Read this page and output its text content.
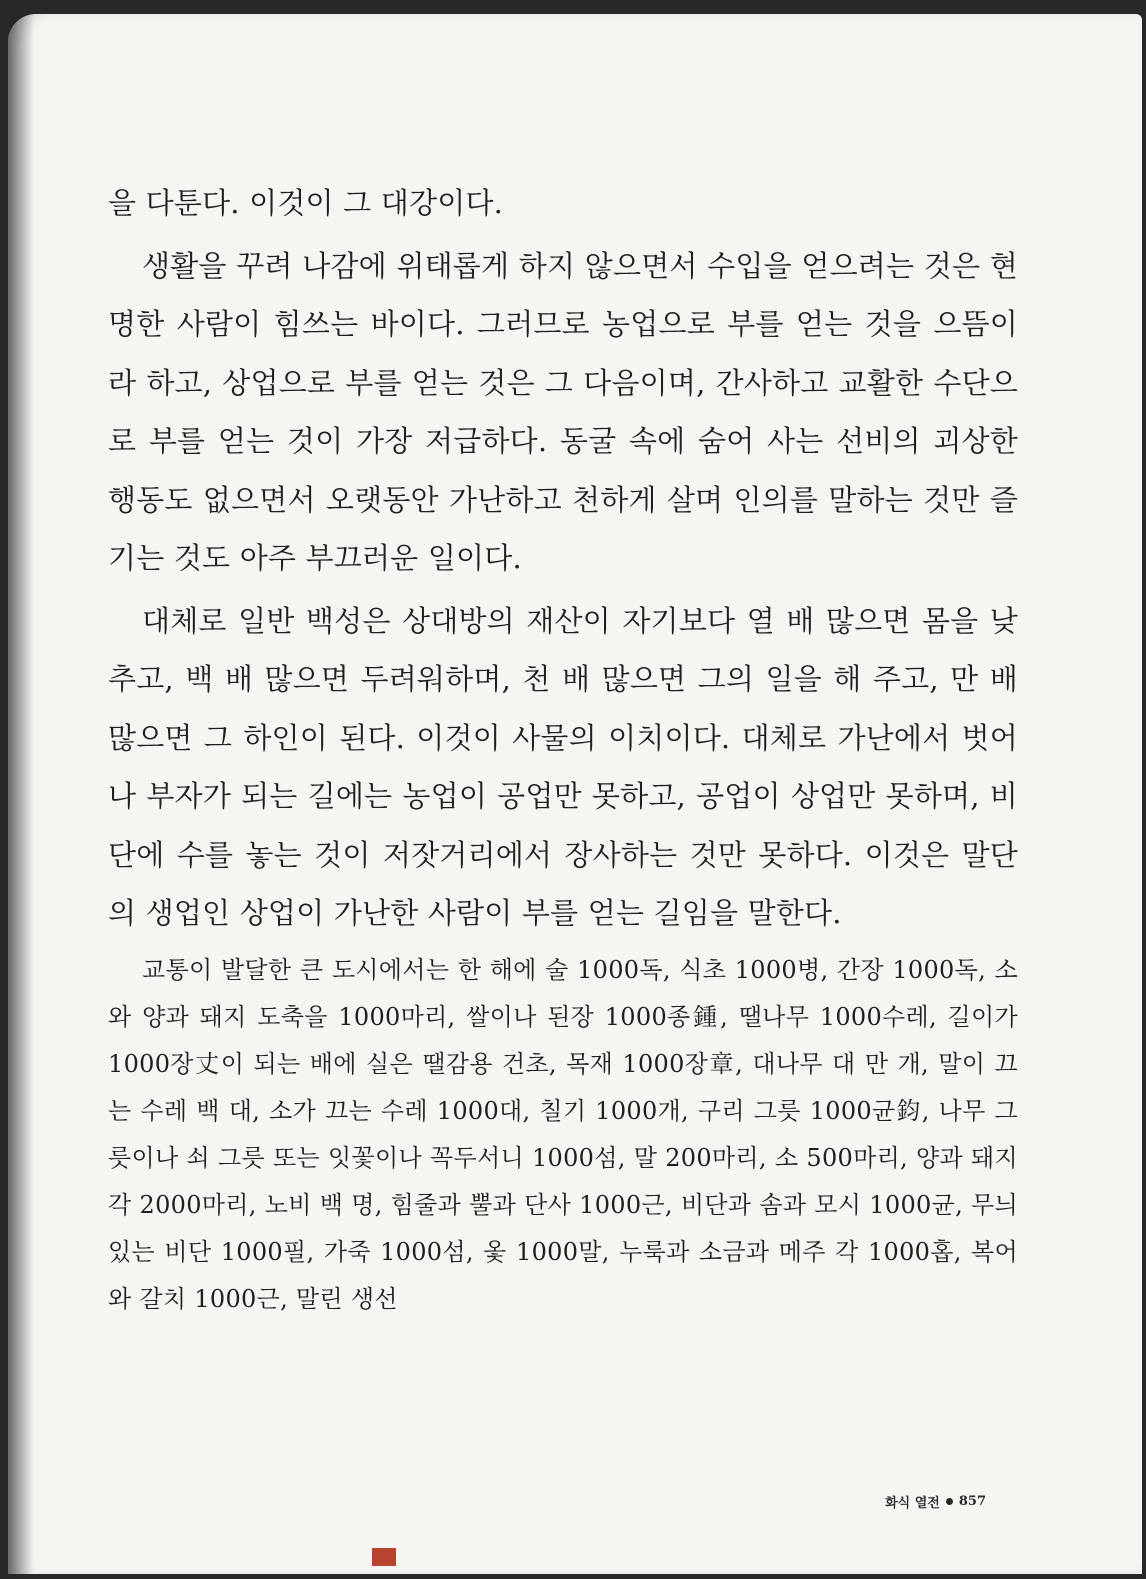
을 다툰다. 이것이 그 대강이다.

생활을 꾸려 나감에 위태롭게 하지 않으면서 수입을 얻으려는 것은 현명한 사람이 힘쓰는 바이다. 그러므로 농업으로 부를 얻는 것을 으뜸이라 하고, 상업으로 부를 얻는 것은 그 다음이며, 간사하고 교활한 수단으로 부를 얻는 것이 가장 저급하다. 동굴 속에 숨어 사는 선비의 괴상한 행동도 없으면서 오랫동안 가난하고 천하게 살며 인의를 말하는 것만 즐기는 것도 아주 부끄러운 일이다.

대체로 일반 백성은 상대방의 재산이 자기보다 열 배 많으면 몸을 낮추고, 백 배 많으면 두려워하며, 천 배 많으면 그의 일을 해 주고, 만 배 많으면 그 하인이 된다. 이것이 사물의 이치이다. 대체로 가난에서 벗어나 부자가 되는 길에는 농업이 공업만 못하고, 공업이 상업만 못하며, 비단에 수를 놓는 것이 저잣거리에서 장사하는 것만 못하다. 이것은 말단의 생업인 상업이 가난한 사람이 부를 얻는 길임을 말한다.

교통이 발달한 큰 도시에서는 한 해에 술 1000독, 식초 1000병, 간장 1000독, 소와 양과 돼지 도축을 1000마리, 쌀이나 된장 1000종鍾, 땔나무 1000수레, 길이가 1000장丈이 되는 배에 실은 땔감용 건초, 목재 1000장章, 대나무 대 만 개, 말이 끄는 수레 백 대, 소가 끄는 수레 1000대, 칠기 1000개, 구리 그릇 1000균鈞, 나무 그릇이나 쇠 그릇 또는 잇꽃이나 꼭두서니 1000섬, 말 200마리, 소 500마리, 양과 돼지 각 2000마리, 노비 백 명, 힘줄과 뿔과 단사 1000근, 비단과 솜과 모시 1000균, 무늬 있는 비단 1000필, 가죽 1000섬, 옻 1000말, 누룩과 소금과 메주 각 1000홉, 복어와 갈치 1000근, 말린 생선

화식 열전 857
